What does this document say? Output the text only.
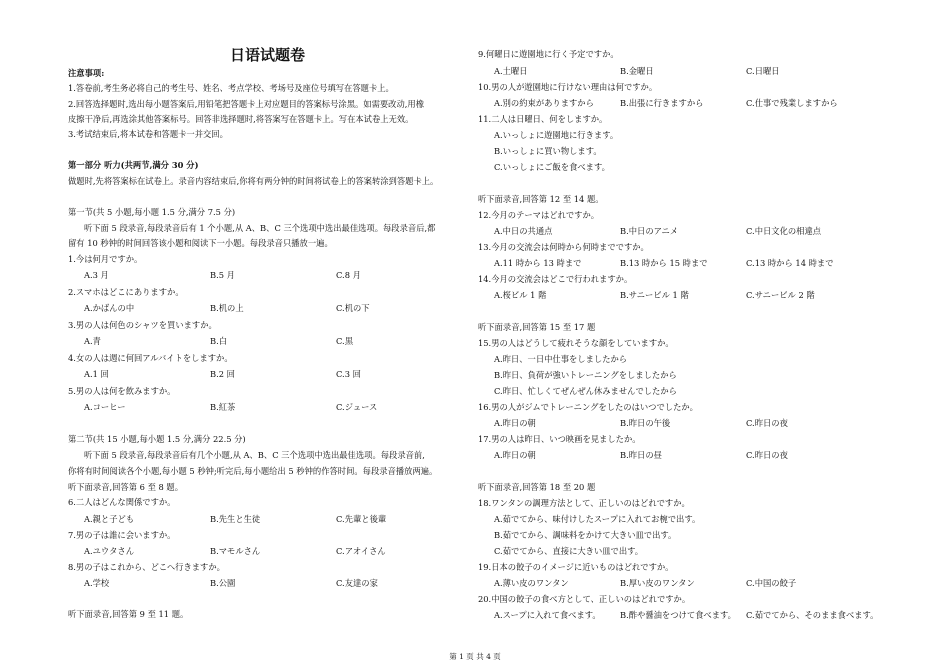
日语试题卷
注意事项:
1.答卷前,考生务必将自己的考生号、姓名、考点学校、考场号及座位号填写在答题卡上。
2.回答选择题时,选出每小题答案后,用铅笔把答题卡上对应题目的答案标号涂黑。如需要改动,用橡
皮擦干净后,再选涂其他答案标号。回答非选择题时,将答案写在答题卡上。写在本试卷上无效。
3.考试结束后,将本试卷和答题卡一并交回。
第一部分 听力(共两节,满分 30 分)
做题时,先将答案标在试卷上。录音内容结束后,你将有两分钟的时间将试卷上的答案转涂到答题卡上。
第一节(共 5 小题,每小题 1.5 分,满分 7.5 分)
听下面 5 段录音,每段录音后有 1 个小题,从 A、B、C 三个选项中选出最佳选项。每段录音后,都
留有 10 秒钟的时间回答该小题和阅读下一小题。每段录音只播放一遍。
1.今は何月ですか。
A.3 月	B.5 月	C.8 月
2.スマホはどこにありますか。
A.かばんの中	B.机の上	C.机の下
3.男の人は何色のシャツを買いますか。
A.青	B.白	C.黒
4.女の人は週に何回アルバイトをしますか。
A.1 回	B.2 回	C.3 回
5.男の人は何を飲みますか。
A.コーヒー	B.紅茶	C.ジュース
第二节(共 15 小题,每小题 1.5 分,满分 22.5 分)
听下面 5 段录音,每段录音后有几个小题,从 A、B、C 三个选项中选出最佳选项。每段录音前,
你将有时间阅读各个小题,每小题 5 秒钟;听完后,每小题给出 5 秒钟的作答时间。每段录音播放两遍。
听下面录音,回答第 6 至 8 题。
6.二人はどんな関係ですか。
A.親と子ども	B.先生と生徒	C.先輩と後輩
7.男の子は誰に会いますか。
A.ユウタさん	B.マモルさん	C.アオイさん
8.男の子はこれから、どこへ行きますか。
A.学校	B.公園	C.友達の家
听下面录音,回答第 9 至 11 题。
9.何曜日に遊園地に行く予定ですか。
A.土曜日	B.金曜日	C.日曜日
10.男の人が遊園地に行けない理由は何ですか。
A.別の約束がありますから	B.出張に行きますから	C.仕事で残業しますから
11.二人は日曜日、何をしますか。
A.いっしょに遊園地に行きます。
B.いっしょに買い物します。
C.いっしょにご飯を食べます。
听下面录音,回答第 12 至 14 题。
12.今月のテーマはどれですか。
A.中日の共通点	B.中日のアニメ	C.中日文化の相違点
13.今月の交流会は何時から何時までですか。
A.11 時から 13 時まで	B.13 時から 15 時まで	C.13 時から 14 時まで
14.今月の交流会はどこで行われますか。
A.桜ビル 1 階	B.サニービル 1 階	C.サニービル 2 階
听下面录音,回答第 15 至 17 题
15.男の人はどうして疲れそうな顔をしていますか。
A.昨日、一日中仕事をしましたから
B.昨日、負荷が強いトレーニングをしましたから
C.昨日、忙しくてぜんぜん休みませんでしたから
16.男の人がジムでトレーニングをしたのはいつでしたか。
A.昨日の朝	B.昨日の午後	C.昨日の夜
17.男の人は昨日、いつ映画を見ましたか。
A.昨日の朝	B.昨日の昼	C.昨日の夜
听下面录音,回答第 18 至 20 题
18.ワンタンの調理方法として、正しいのはどれですか。
A.茹でてから、味付けしたスープに入れてお椀で出す。
B.茹でてから、調味料をかけて大きい皿で出す。
C.茹でてから、直接に大きい皿で出す。
19.日本の餃子のイメージに近いものはどれですか。
A.薄い皮のワンタン	B.厚い皮のワンタン	C.中国の餃子
20.中国の餃子の食べ方として、正しいのはどれですか。
A.スープに入れて食べます。 B.酢や醤油をつけて食べます。 C.茹でてから、そのまま食べます。
第 1 页 共 4 页
